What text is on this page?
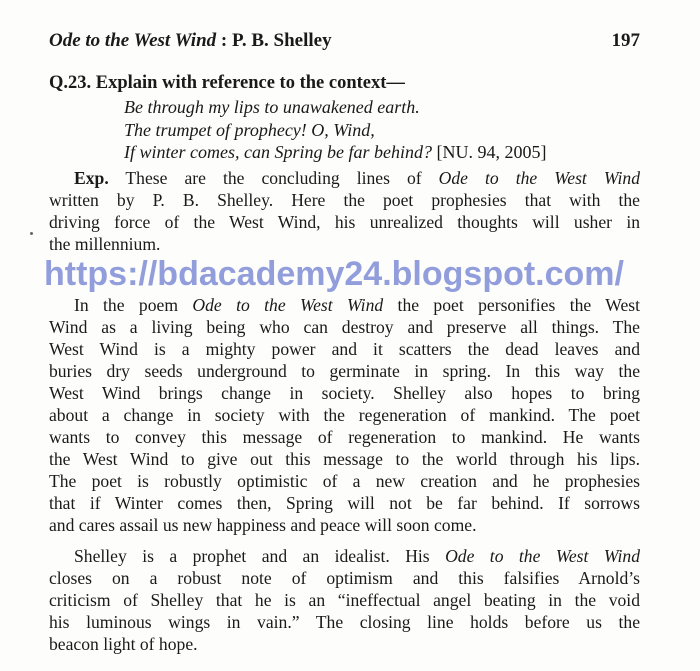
Ode to the West Wind : P. B. Shelley	197
Q.23. Explain with reference to the context—
Be through my lips to unawakened earth.
The trumpet of prophecy! O, Wind,
If winter comes, can Spring be far behind? [NU. 94, 2005]
Exp. These are the concluding lines of Ode to the West Wind
written by P. B. Shelley. Here the poet prophesies that with the
driving force of the West Wind, his unrealized thoughts will usher in
the millennium.
https://bdacademy24.blogspot.com/
In the poem Ode to the West Wind the poet personifies the West
Wind as a living being who can destroy and preserve all things. The
West Wind is a mighty power and it scatters the dead leaves and
buries dry seeds underground to germinate in spring. In this way the
West Wind brings change in society. Shelley also hopes to bring
about a change in society with the regeneration of mankind. The poet
wants to convey this message of regeneration to mankind. He wants
the West Wind to give out this message to the world through his lips.
The poet is robustly optimistic of a new creation and he prophesies
that if Winter comes then, Spring will not be far behind. If sorrows
and cares assail us new happiness and peace will soon come.
Shelley is a prophet and an idealist. His Ode to the West Wind
closes on a robust note of optimism and this falsifies Arnold’s
criticism of Shelley that he is an “ineffectual angel beating in the void
his luminous wings in vain.” The closing line holds before us the
beacon light of hope.
